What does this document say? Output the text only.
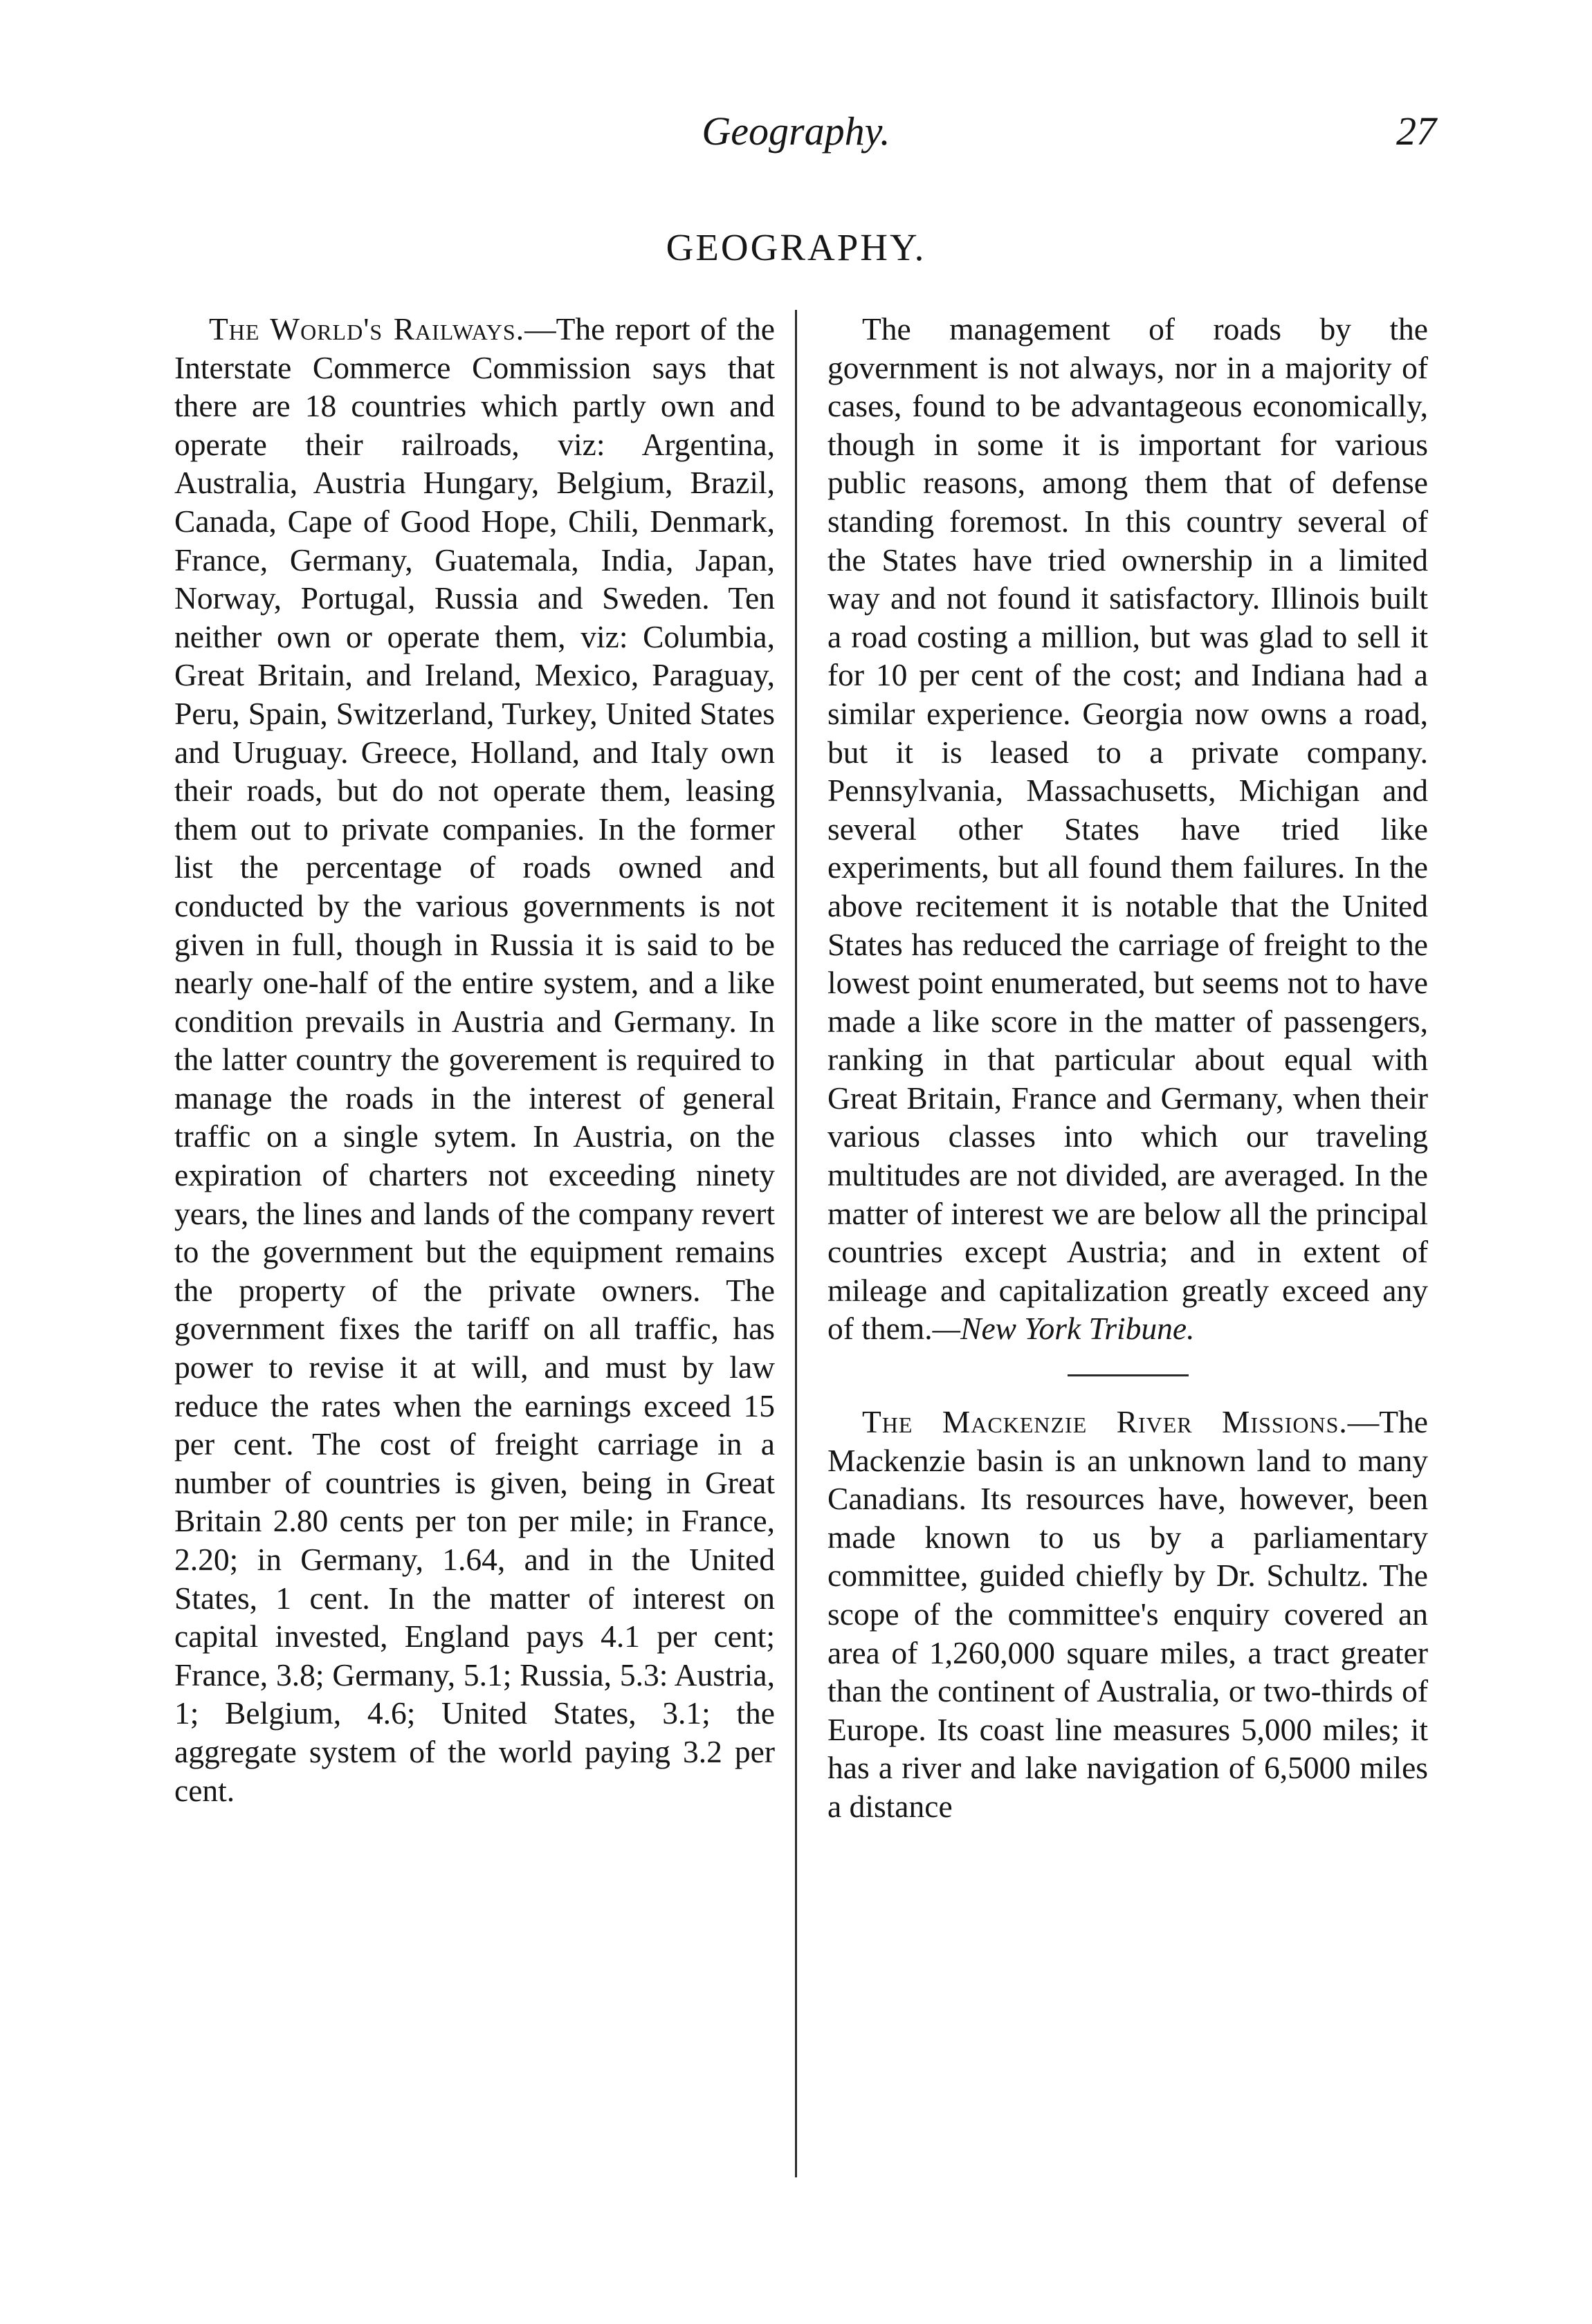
Geography.	27
GEOGRAPHY.

The World's Railways.—The report of the Interstate Commerce Commission says that there are 18 countries which partly own and operate their railroads, viz: Argentina, Australia, Austria Hungary, Belgium, Brazil, Canada, Cape of Good Hope, Chili, Denmark, France, Germany, Guatemala, India, Japan, Norway, Portugal, Russia and Sweden. Ten neither own or operate them, viz: Columbia, Great Britain, and Ireland, Mexico, Paraguay, Peru, Spain, Switzerland, Turkey, United States and Uruguay. Greece, Holland, and Italy own their roads, but do not operate them, leasing them out to private companies. In the former list the percentage of roads owned and conducted by the various governments is not given in full, though in Russia it is said to be nearly one-half of the entire system, and a like condition prevails in Austria and Germany. In the latter country the goverement is required to manage the roads in the interest of general traffic on a single sytem. In Austria, on the expiration of charters not exceeding ninety years, the lines and lands of the company revert to the government but the equipment remains the property of the private owners. The government fixes the tariff on all traffic, has power to revise it at will, and must by law reduce the rates when the earnings exceed 15 per cent. The cost of freight carriage in a number of countries is given, being in Great Britain 2.80 cents per ton per mile; in France, 2.20; in Germany, 1.64, and in the United States, 1 cent. In the matter of interest on capital invested, England pays 4.1 per cent; France, 3.8; Germany, 5.1; Russia, 5.3: Austria, 1; Belgium, 4.6; United States, 3.1; the aggregate system of the world paying 3.2 per cent.

The management of roads by the government is not always, nor in a majority of cases, found to be advantageous economically, though in some it is important for various public reasons, among them that of defense standing foremost. In this country several of the States have tried ownership in a limited way and not found it satisfactory. Illinois built a road costing a million, but was glad to sell it for 10 per cent of the cost; and Indiana had a similar experience. Georgia now owns a road, but it is leased to a private company. Pennsylvania, Massachusetts, Michigan and several other States have tried like experiments, but all found them failures. In the above recitement it is notable that the United States has reduced the carriage of freight to the lowest point enumerated, but seems not to have made a like score in the matter of passengers, ranking in that particular about equal with Great Britain, France and Germany, when their various classes into which our traveling multitudes are not divided, are averaged. In the matter of interest we are below all the principal countries except Austria; and in extent of mileage and capitalization greatly exceed any of them.—New York Tribune.

The Mackenzie River Missions.—The Mackenzie basin is an unknown land to many Canadians. Its resources have, however, been made known to us by a parliamentary committee, guided chiefly by Dr. Schultz. The scope of the committee's enquiry covered an area of 1,260,000 square miles, a tract greater than the continent of Australia, or two-thirds of Europe. Its coast line measures 5,000 miles; it has a river and lake navigation of 6,5000 miles a distance
